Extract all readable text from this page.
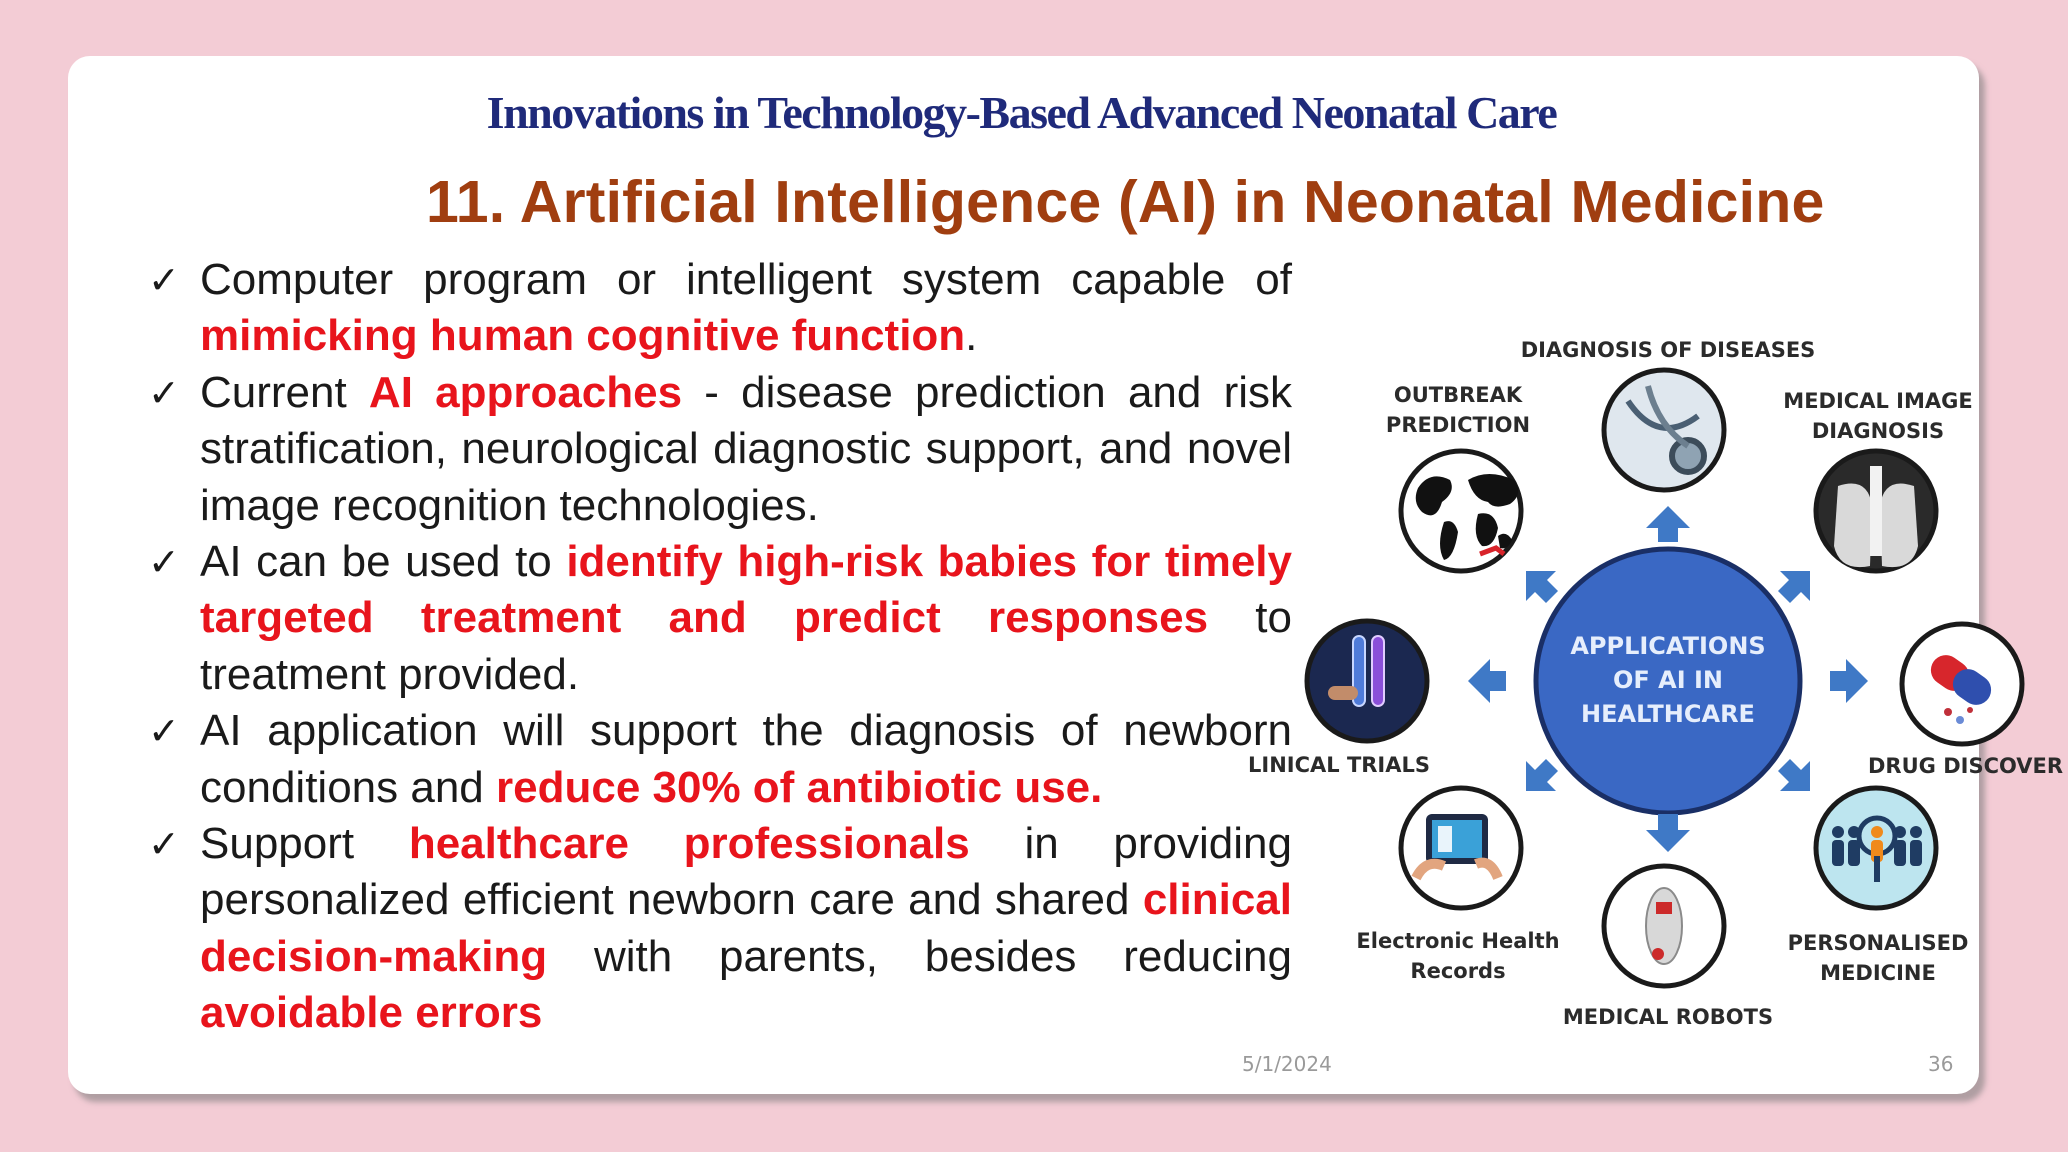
Innovations in Technology-Based Advanced Neonatal Care
11. Artificial Intelligence (AI) in Neonatal Medicine
✓ Computer program or intelligent system capable of mimicking human cognitive function.
✓ Current AI approaches - disease prediction and risk stratification, neurological diagnostic support, and novel image recognition technologies.
✓ AI can be used to identify high-risk babies for timely targeted treatment and predict responses to treatment provided.
✓ AI application will support the diagnosis of newborn conditions and reduce 30% of antibiotic use.
✓ Support healthcare professionals in providing personalized efficient newborn care and shared clinical decision-making with parents, besides reducing avoidable errors
APPLICATIONS
OF AI IN
HEALTHCARE
DIAGNOSIS OF DISEASES
OUTBREAK
PREDICTION
MEDICAL IMAGE
DIAGNOSIS
LINICAL TRIALS	DRUG DISCOVER
Electronic Health
Records
MEDICAL ROBOTS
PERSONALISED
MEDICINE
5/1/2024	36
